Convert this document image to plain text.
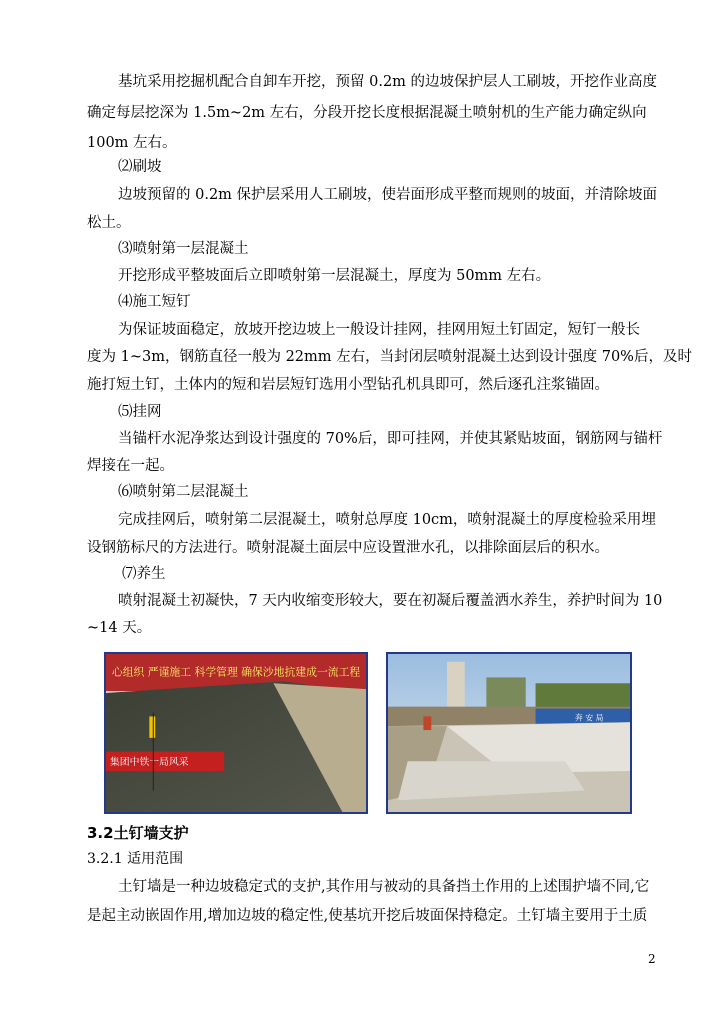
基坑采用挖掘机配合自卸车开挖，预留 0.2m 的边坡保护层人工刷坡，开挖作业高度
确定每层挖深为 1.5m~2m 左右，分段开挖长度根据混凝土喷射机的生产能力确定纵向
100m 左右。
⑵刷坡
边坡预留的 0.2m 保护层采用人工刷坡，使岩面形成平整而规则的坡面，并清除坡面
松土。
⑶喷射第一层混凝土
开挖形成平整坡面后立即喷射第一层混凝土，厚度为 50mm 左右。
⑷施工短钉
为保证坡面稳定，放坡开挖边坡上一般设计挂网，挂网用短土钉固定，短钉一般长
度为 1~3m，钢筋直径一般为 22mm 左右，当封闭层喷射混凝土达到设计强度 70%后，及时
施打短土钉，土体内的短和岩层短钉选用小型钻孔机具即可，然后逐孔注浆锚固。
⑸挂网
当锚杆水泥净浆达到设计强度的 70%后，即可挂网，并使其紧贴坡面，钢筋网与锚杆
焊接在一起。
⑹喷射第二层混凝土
完成挂网后，喷射第二层混凝土，喷射总厚度 10cm，喷射混凝土的厚度检验采用埋
设钢筋标尺的方法进行。喷射混凝土面层中应设置泄水孔，以排除面层后的积水。
⑺养生
喷射混凝土初凝快，7 天内收缩变形较大，要在初凝后覆盖洒水养生，养护时间为 10
~14 天。
心组织 严谨施工 科学管理 确保沙地抗建成一流工程
集团中铁一局风采
奔 安 局
3.2土钉墙支护
3.2.1 适用范围
土钉墙是一种边坡稳定式的支护,其作用与被动的具备挡土作用的上述围护墙不同,它
是起主动嵌固作用,增加边坡的稳定性,使基坑开挖后坡面保持稳定。土钉墙主要用于土质
2
